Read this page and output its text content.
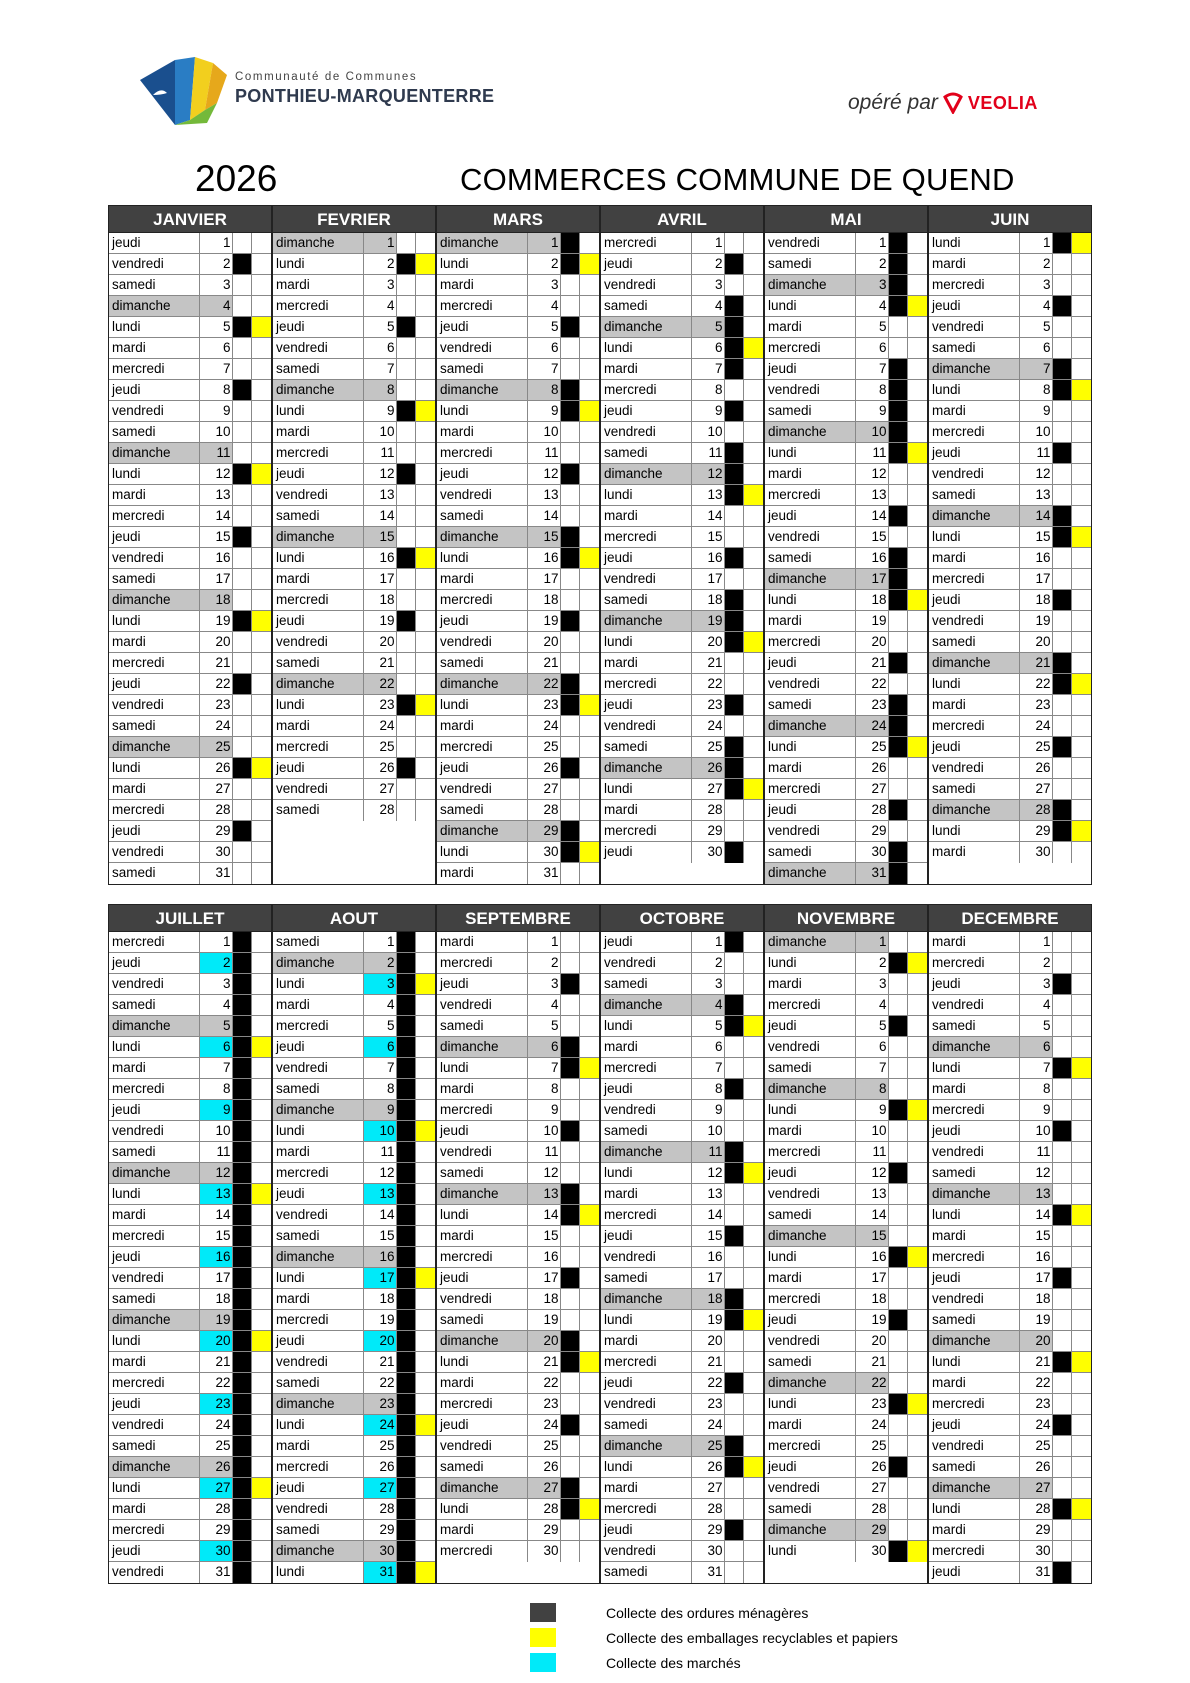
Communauté de Communes
PONTHIEU-MARQUENTERRE	opéré par VEOLIA
2026	COMMERCES COMMUNE DE QUEND
JANVIER
jeudi	1
vendredi	2
samedi	3
dimanche	4
lundi	5
mardi	6
mercredi	7
jeudi	8
vendredi	9
samedi	10
dimanche	11
lundi	12
mardi	13
mercredi	14
jeudi	15
vendredi	16
samedi	17
dimanche	18
lundi	19
mardi	20
mercredi	21
jeudi	22
vendredi	23
samedi	24
dimanche	25
lundi	26
mardi	27
mercredi	28
jeudi	29
vendredi	30
samedi	31
FEVRIER
dimanche	1
lundi	2
mardi	3
mercredi	4
jeudi	5
vendredi	6
samedi	7
dimanche	8
lundi	9
mardi	10
mercredi	11
jeudi	12
vendredi	13
samedi	14
dimanche	15
lundi	16
mardi	17
mercredi	18
jeudi	19
vendredi	20
samedi	21
dimanche	22
lundi	23
mardi	24
mercredi	25
jeudi	26
vendredi	27
samedi	28
MARS
dimanche	1
lundi	2
mardi	3
mercredi	4
jeudi	5
vendredi	6
samedi	7
dimanche	8
lundi	9
mardi	10
mercredi	11
jeudi	12
vendredi	13
samedi	14
dimanche	15
lundi	16
mardi	17
mercredi	18
jeudi	19
vendredi	20
samedi	21
dimanche	22
lundi	23
mardi	24
mercredi	25
jeudi	26
vendredi	27
samedi	28
dimanche	29
lundi	30
mardi	31
AVRIL
mercredi	1
jeudi	2
vendredi	3
samedi	4
dimanche	5
lundi	6
mardi	7
mercredi	8
jeudi	9
vendredi	10
samedi	11
dimanche	12
lundi	13
mardi	14
mercredi	15
jeudi	16
vendredi	17
samedi	18
dimanche	19
lundi	20
mardi	21
mercredi	22
jeudi	23
vendredi	24
samedi	25
dimanche	26
lundi	27
mardi	28
mercredi	29
jeudi	30
MAI
vendredi	1
samedi	2
dimanche	3
lundi	4
mardi	5
mercredi	6
jeudi	7
vendredi	8
samedi	9
dimanche	10
lundi	11
mardi	12
mercredi	13
jeudi	14
vendredi	15
samedi	16
dimanche	17
lundi	18
mardi	19
mercredi	20
jeudi	21
vendredi	22
samedi	23
dimanche	24
lundi	25
mardi	26
mercredi	27
jeudi	28
vendredi	29
samedi	30
dimanche	31
JUIN
lundi	1
mardi	2
mercredi	3
jeudi	4
vendredi	5
samedi	6
dimanche	7
lundi	8
mardi	9
mercredi	10
jeudi	11
vendredi	12
samedi	13
dimanche	14
lundi	15
mardi	16
mercredi	17
jeudi	18
vendredi	19
samedi	20
dimanche	21
lundi	22
mardi	23
mercredi	24
jeudi	25
vendredi	26
samedi	27
dimanche	28
lundi	29
mardi	30
JUILLET
mercredi	1
jeudi	2
vendredi	3
samedi	4
dimanche	5
lundi	6
mardi	7
mercredi	8
jeudi	9
vendredi	10
samedi	11
dimanche	12
lundi	13
mardi	14
mercredi	15
jeudi	16
vendredi	17
samedi	18
dimanche	19
lundi	20
mardi	21
mercredi	22
jeudi	23
vendredi	24
samedi	25
dimanche	26
lundi	27
mardi	28
mercredi	29
jeudi	30
vendredi	31
AOUT
samedi	1
dimanche	2
lundi	3
mardi	4
mercredi	5
jeudi	6
vendredi	7
samedi	8
dimanche	9
lundi	10
mardi	11
mercredi	12
jeudi	13
vendredi	14
samedi	15
dimanche	16
lundi	17
mardi	18
mercredi	19
jeudi	20
vendredi	21
samedi	22
dimanche	23
lundi	24
mardi	25
mercredi	26
jeudi	27
vendredi	28
samedi	29
dimanche	30
lundi	31
SEPTEMBRE
mardi	1
mercredi	2
jeudi	3
vendredi	4
samedi	5
dimanche	6
lundi	7
mardi	8
mercredi	9
jeudi	10
vendredi	11
samedi	12
dimanche	13
lundi	14
mardi	15
mercredi	16
jeudi	17
vendredi	18
samedi	19
dimanche	20
lundi	21
mardi	22
mercredi	23
jeudi	24
vendredi	25
samedi	26
dimanche	27
lundi	28
mardi	29
mercredi	30
OCTOBRE
jeudi	1
vendredi	2
samedi	3
dimanche	4
lundi	5
mardi	6
mercredi	7
jeudi	8
vendredi	9
samedi	10
dimanche	11
lundi	12
mardi	13
mercredi	14
jeudi	15
vendredi	16
samedi	17
dimanche	18
lundi	19
mardi	20
mercredi	21
jeudi	22
vendredi	23
samedi	24
dimanche	25
lundi	26
mardi	27
mercredi	28
jeudi	29
vendredi	30
samedi	31
NOVEMBRE
dimanche	1
lundi	2
mardi	3
mercredi	4
jeudi	5
vendredi	6
samedi	7
dimanche	8
lundi	9
mardi	10
mercredi	11
jeudi	12
vendredi	13
samedi	14
dimanche	15
lundi	16
mardi	17
mercredi	18
jeudi	19
vendredi	20
samedi	21
dimanche	22
lundi	23
mardi	24
mercredi	25
jeudi	26
vendredi	27
samedi	28
dimanche	29
lundi	30
DECEMBRE
mardi	1
mercredi	2
jeudi	3
vendredi	4
samedi	5
dimanche	6
lundi	7
mardi	8
mercredi	9
jeudi	10
vendredi	11
samedi	12
dimanche	13
lundi	14
mardi	15
mercredi	16
jeudi	17
vendredi	18
samedi	19
dimanche	20
lundi	21
mardi	22
mercredi	23
jeudi	24
vendredi	25
samedi	26
dimanche	27
lundi	28
mardi	29
mercredi	30
jeudi	31
Collecte des ordures ménagères
Collecte des emballages recyclables et papiers
Collecte des marchés
